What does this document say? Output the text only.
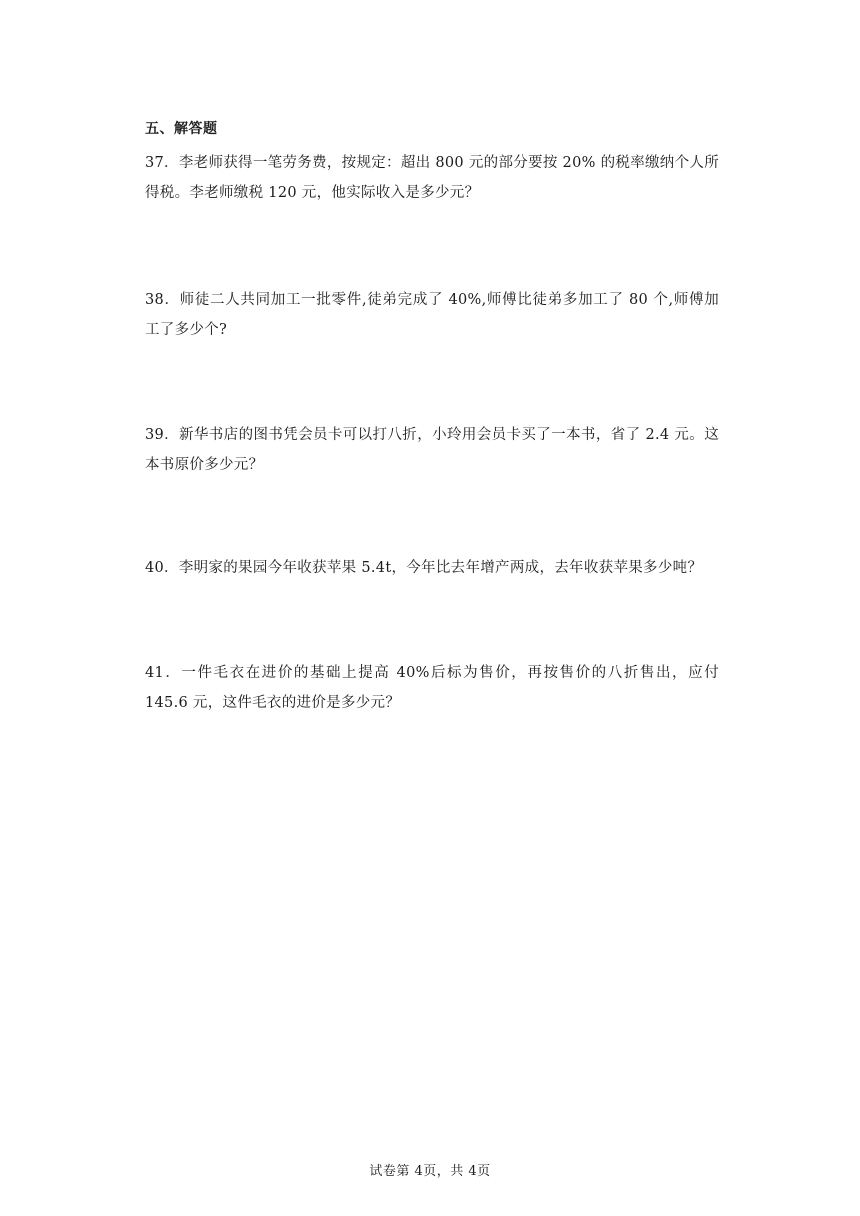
五、解答题
37．李老师获得一笔劳务费，按规定：超出 800 元的部分要按 20% 的税率缴纳个人所得税。李老师缴税 120 元，他实际收入是多少元？
38．师徒二人共同加工一批零件,徒弟完成了 40%,师傅比徒弟多加工了 80 个,师傅加工了多少个?
39．新华书店的图书凭会员卡可以打八折，小玲用会员卡买了一本书，省了 2.4 元。这本书原价多少元？
40．李明家的果园今年收获苹果 5.4t，今年比去年增产两成，去年收获苹果多少吨？
41．一件毛衣在进价的基础上提高 40%后标为售价，再按售价的八折售出，应付 145.6 元，这件毛衣的进价是多少元？
试卷第 4页，共 4页
